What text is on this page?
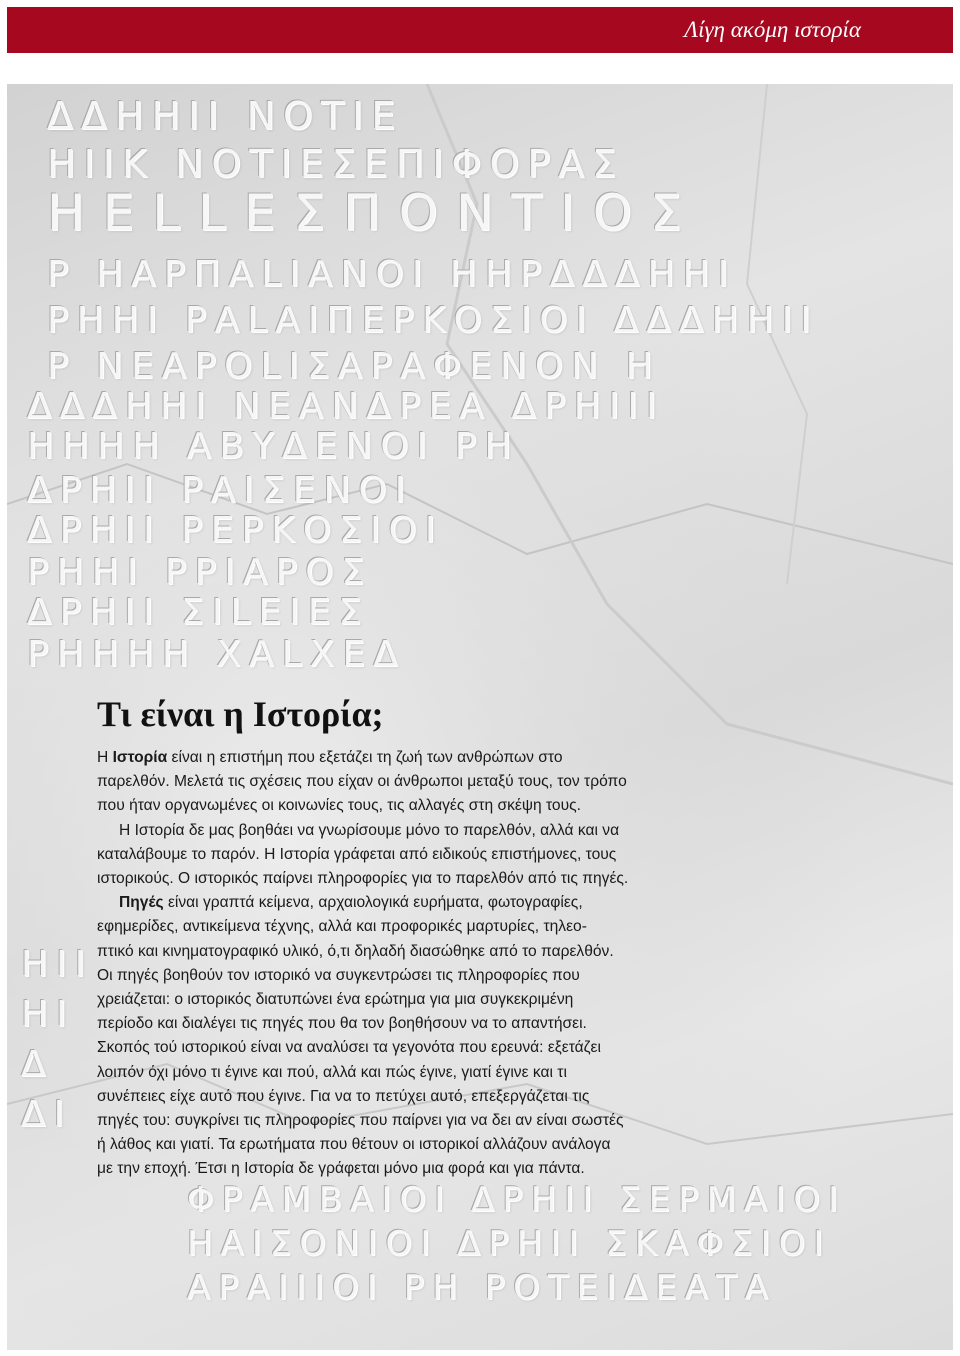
Λίγη ακόμη ιστορία
ΔΔΗΗΙΙ ΝΟΤΙΕ
ΗΙΙΚ ΝΟΤΙΕΣΕΠΙΦΟΡΑΣ
ΗΕLLΕΣΠΟΝΤΙΟΣ
Ρ ΗΑΡΠΑLΙΑΝΟΙ ΗΗΡΔΔΔΗΗΙ
ΡΗΗΙ ΡΑLΑΙΠΕΡΚΟΣΙΟΙ ΔΔΔΗΗΙΙ
Ρ ΝΕΑΡΟLΙΣΑΡΑΦΕΝΟΝ Η
ΔΔΔΗΗΙ ΝΕΑΝΔΡΕΑ ΔΡΗΙΙΙ
ΗΗΗΗ ΑΒΥΔΕΝΟΙ ΡΗ
ΔΡΗΙΙ ΡΑΙΣΕΝΟΙ
ΔΡΗΙΙ ΡΕΡΚΟΣΙΟΙ
ΡΗΗΙ ΡΡΙΑΡΟΣ
ΔΡΗΙΙ ΣΙLΕΙΕΣ
ΡΗΗΗΗ ΧΑLΧΕΔ
ΗΙΙ
ΗΙ
Δ
ΔΙ
ΦΡΑΜΒΑΙΟΙ ΔΡΗΙΙ ΣΕΡΜΑΙΟΙ
ΗΑΙΣΟΝΙΟΙ ΔΡΗΙΙ ΣΚΑΦΣΙΟΙ
ΑΡΑΙΙΙΟΙ ΡΗ ΡΟΤΕΙΔΕΑΤΑ
Τι είναι η Ιστορία;

Η Ιστορία είναι η επιστήμη που εξετάζει τη ζωή των ανθρώπων στο
παρελθόν. Μελετά τις σχέσεις που είχαν οι άνθρωποι μεταξύ τους, τον τρόπο
που ήταν οργανωμένες οι κοινωνίες τους, τις αλλαγές στη σκέψη τους.

Η Ιστορία δε μας βοηθάει να γνωρίσουμε μόνο το παρελθόν, αλλά και να
καταλάβουμε το παρόν. Η Ιστορία γράφεται από ειδικούς επιστήμονες, τους
ιστορικούς. Ο ιστορικός παίρνει πληροφορίες για το παρελθόν από τις πηγές.

Πηγές είναι γραπτά κείμενα, αρχαιολογικά ευρήματα, φωτογραφίες,
εφημερίδες, αντικείμενα τέχνης, αλλά και προφορικές μαρτυρίες, τηλεο-
πτικό και κινηματογραφικό υλικό, ό,τι δηλαδή διασώθηκε από το παρελθόν.

Οι πηγές βοηθούν τον ιστορικό να συγκεντρώσει τις πληροφορίες που
χρειάζεται: ο ιστορικός διατυπώνει ένα ερώτημα για μια συγκεκριμένη
περίοδο και διαλέγει τις πηγές που θα τον βοηθήσουν να το απαντήσει.
Σκοπός τού ιστορικού είναι να αναλύσει τα γεγονότα που ερευνά: εξετάζει
λοιπόν όχι μόνο τι έγινε και πού, αλλά και πώς έγινε, γιατί έγινε και τι
συνέπειες είχε αυτό που έγινε. Για να το πετύχει αυτό, επεξεργάζεται τις
πηγές του: συγκρίνει τις πληροφορίες που παίρνει για να δει αν είναι σωστές
ή λάθος και γιατί. Τα ερωτήματα που θέτουν οι ιστορικοί αλλάζουν ανάλογα
με την εποχή. Έτσι η Ιστορία δε γράφεται μόνο μια φορά και για πάντα.
